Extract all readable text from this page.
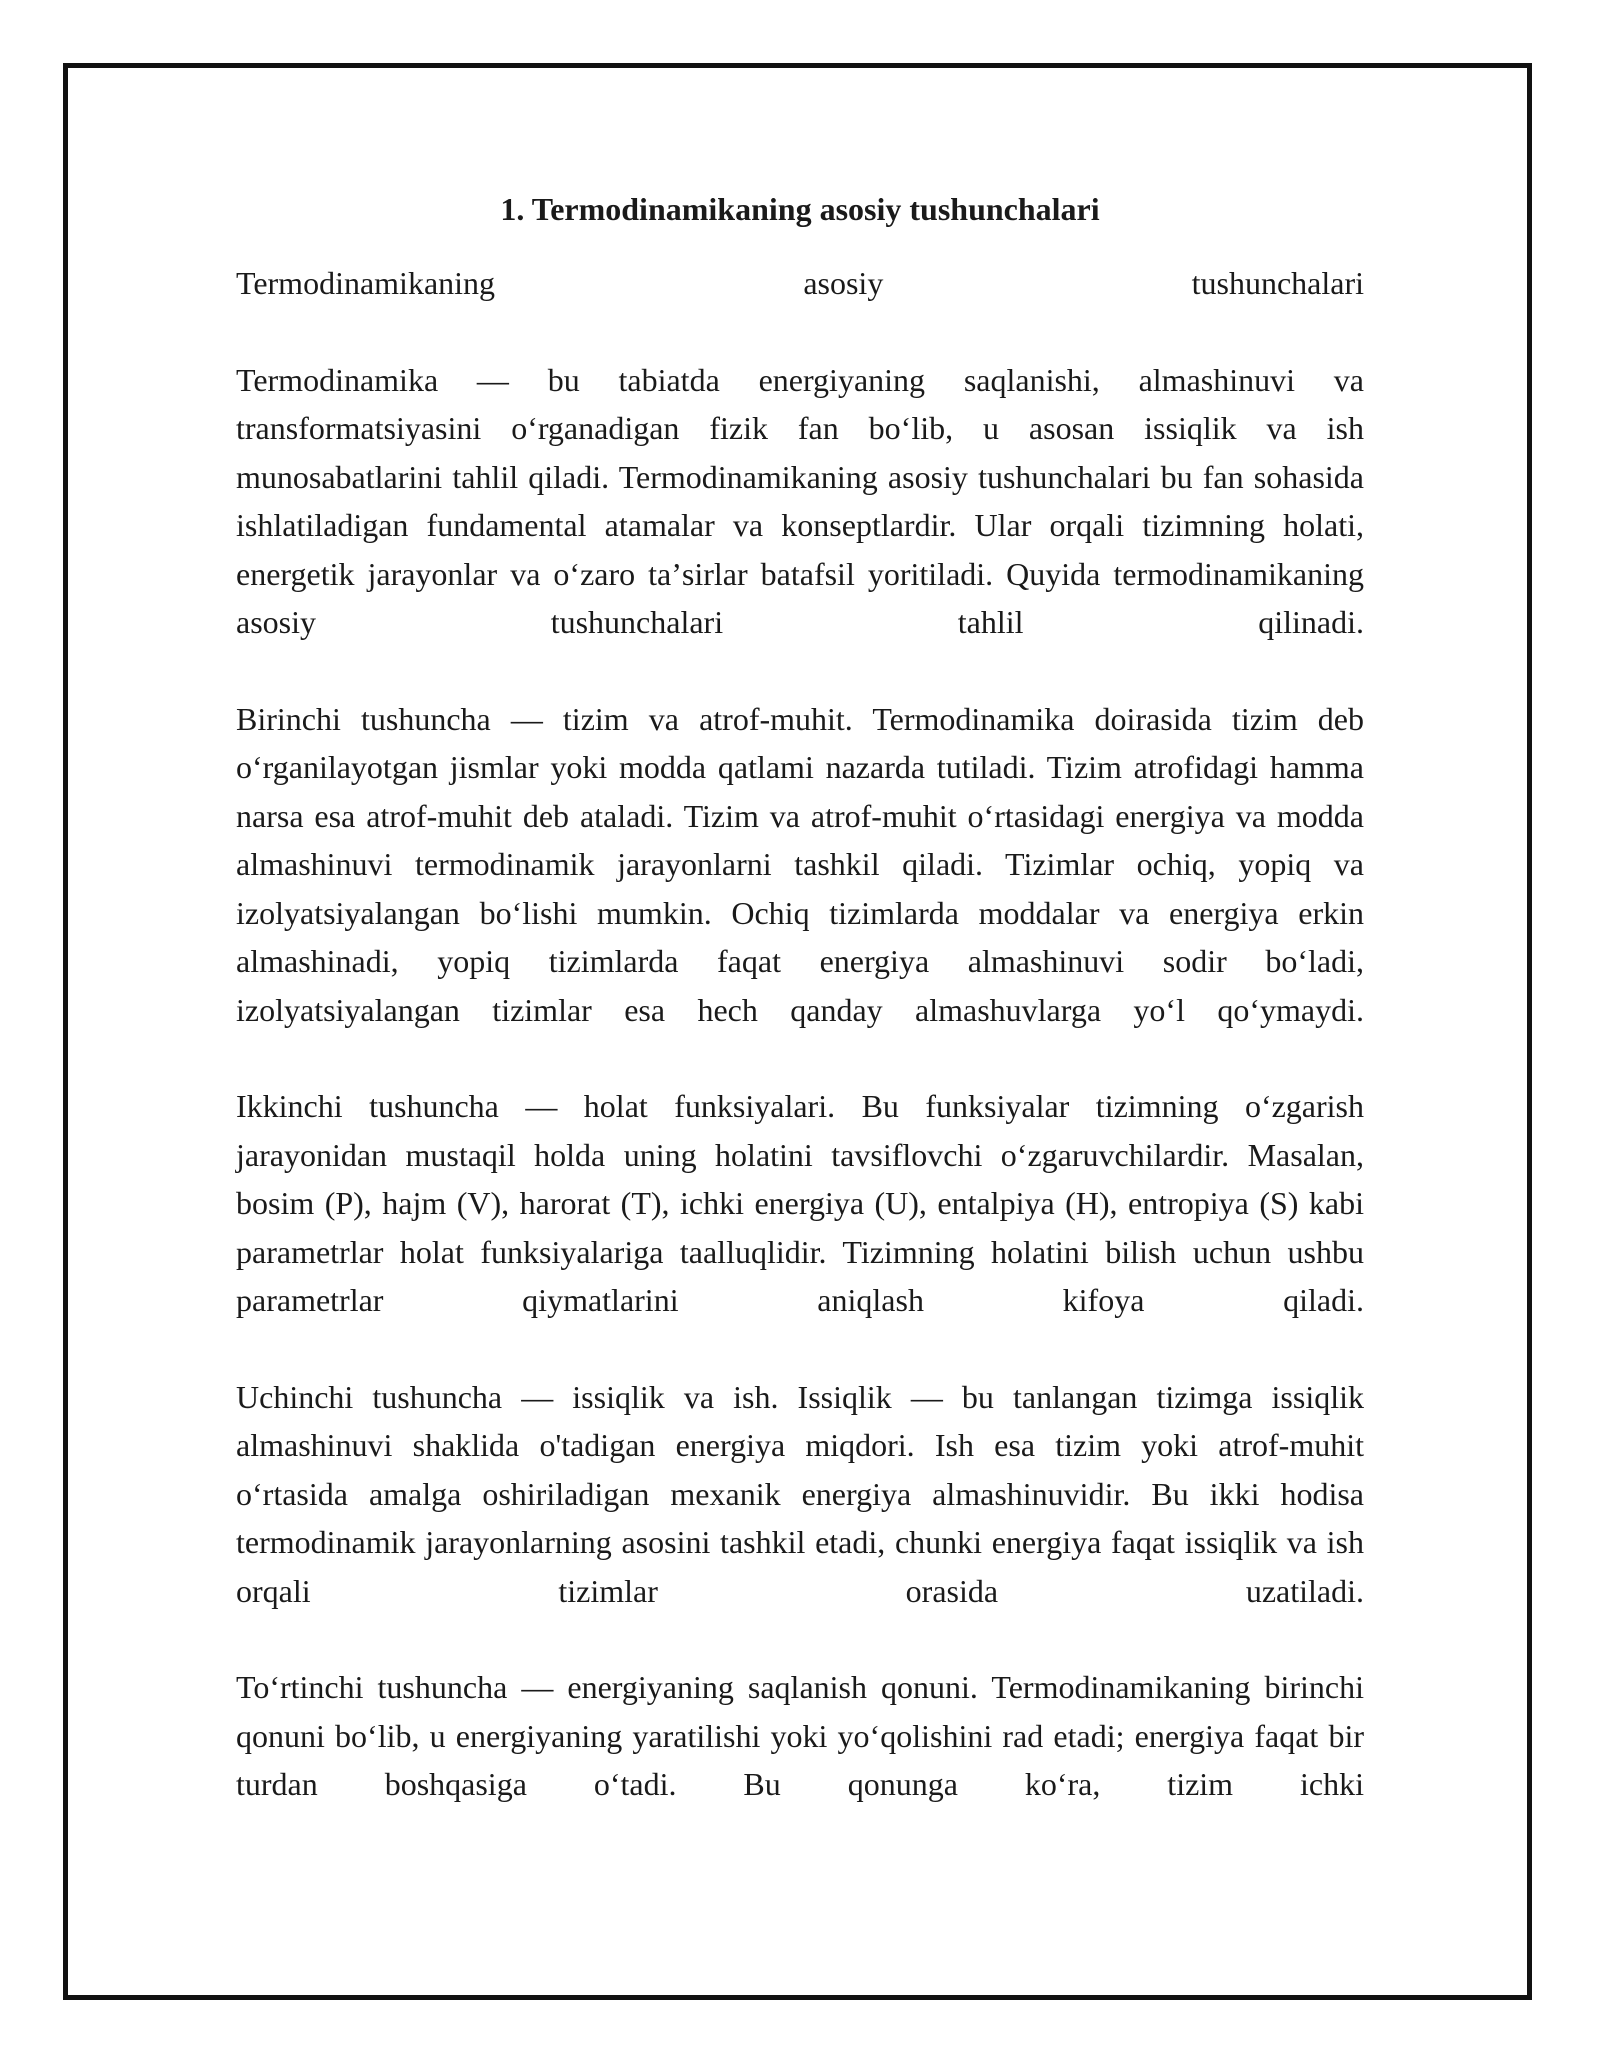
1. Termodinamikaning asosiy tushunchalari

Termodinamikaning asosiy tushunchalari

Termodinamika — bu tabiatda energiyaning saqlanishi, almashinuvi va transformatsiyasini oʻrganadigan fizik fan boʻlib, u asosan issiqlik va ish munosabatlarini tahlil qiladi. Termodinamikaning asosiy tushunchalari bu fan sohasida ishlatiladigan fundamental atamalar va konseptlardir. Ular orqali tizimning holati, energetik jarayonlar va oʻzaro taʼsirlar batafsil yoritiladi. Quyida termodinamikaning asosiy tushunchalari tahlil qilinadi.

Birinchi tushuncha — tizim va atrof-muhit. Termodinamika doirasida tizim deb oʻrganilayotgan jismlar yoki modda qatlami nazarda tutiladi. Tizim atrofidagi hamma narsa esa atrof-muhit deb ataladi. Tizim va atrof-muhit oʻrtasidagi energiya va modda almashinuvi termodinamik jarayonlarni tashkil qiladi. Tizimlar ochiq, yopiq va izolyatsiyalangan boʻlishi mumkin. Ochiq tizimlarda moddalar va energiya erkin almashinadi, yopiq tizimlarda faqat energiya almashinuvi sodir boʻladi, izolyatsiyalangan tizimlar esa hech qanday almashuvlarga yoʻl qoʻymaydi.

Ikkinchi tushuncha — holat funksiyalari. Bu funksiyalar tizimning oʻzgarish jarayonidan mustaqil holda uning holatini tavsiflovchi oʻzgaruvchilardir. Masalan, bosim (P), hajm (V), harorat (T), ichki energiya (U), entalpiya (H), entropiya (S) kabi parametrlar holat funksiyalariga taalluqlidir. Tizimning holatini bilish uchun ushbu parametrlar qiymatlarini aniqlash kifoya qiladi.

Uchinchi tushuncha — issiqlik va ish. Issiqlik — bu tanlangan tizimga issiqlik almashinuvi shaklida o'tadigan energiya miqdori. Ish esa tizim yoki atrof-muhit oʻrtasida amalga oshiriladigan mexanik energiya almashinuvidir. Bu ikki hodisa termodinamik jarayonlarning asosini tashkil etadi, chunki energiya faqat issiqlik va ish orqali tizimlar orasida uzatiladi.

Toʻrtinchi tushuncha — energiyaning saqlanish qonuni. Termodinamikaning birinchi qonuni boʻlib, u energiyaning yaratilishi yoki yoʻqolishini rad etadi; energiya faqat bir turdan boshqasiga oʻtadi. Bu qonunga koʻra, tizim ichki
